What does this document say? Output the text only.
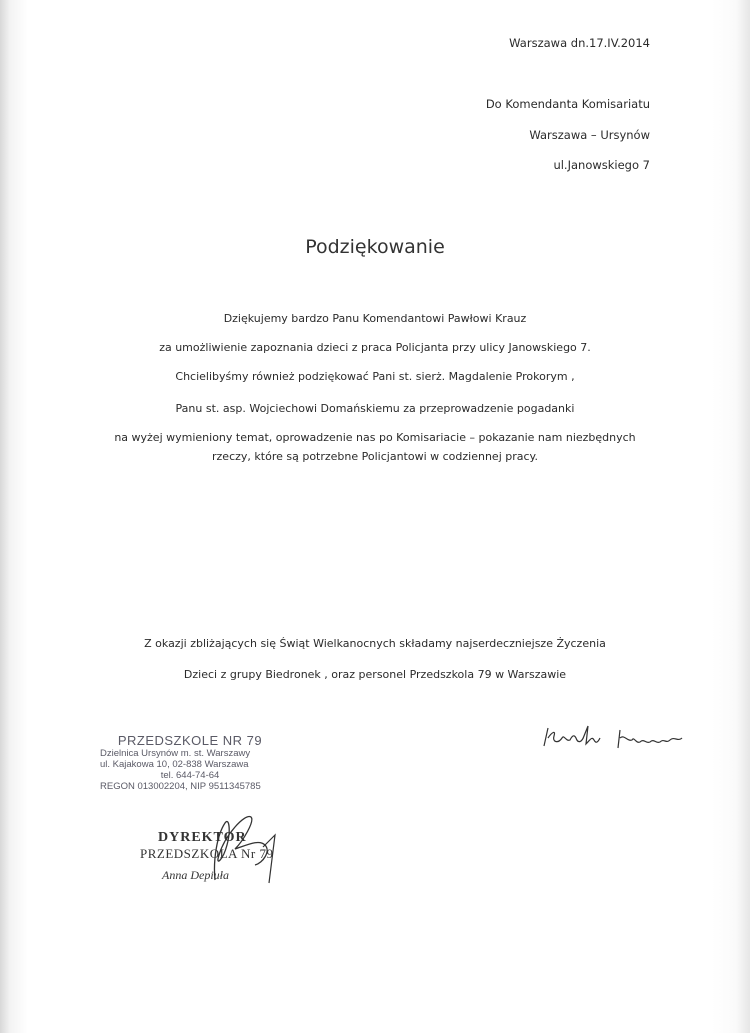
Warszawa dn.17.IV.2014
Do Komendanta Komisariatu
Warszawa – Ursynów
ul.Janowskiego 7
Podziękowanie
Dziękujemy bardzo Panu Komendantowi Pawłowi Krauz
za umożliwienie zapoznania dzieci z praca Policjanta przy ulicy Janowskiego 7.
Chcielibyśmy również podziękować Pani st. sierż. Magdalenie Prokorym ,
Panu st. asp. Wojciechowi Domańskiemu za przeprowadzenie pogadanki
na wyżej wymieniony temat, oprowadzenie nas po Komisariacie – pokazanie nam niezbędnych
rzeczy, które są potrzebne Policjantowi w codziennej pracy.
Z okazji zbliżających się Świąt Wielkanocnych składamy najserdeczniejsze Życzenia
Dzieci z grupy Biedronek , oraz personel Przedszkola 79 w Warszawie
PRZEDSZKOLE NR 79
Dzielnica Ursynów m. st. Warszawy
ul. Kajakowa 10, 02-838 Warszawa
tel. 644-74-64
REGON 013002204, NIP 9511345785
DYREKTOR
PRZEDSZKOLA Nr 79
Anna Depiuła
